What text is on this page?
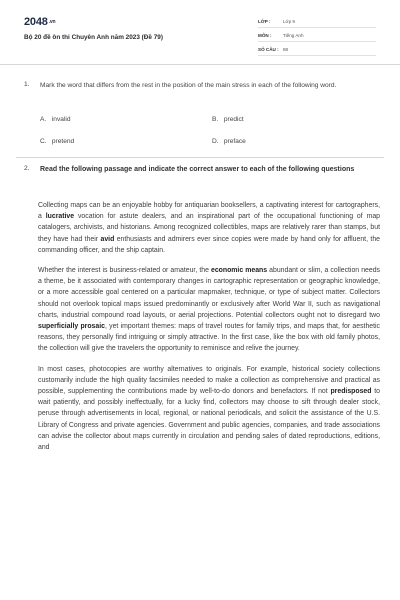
2048.vn
Bộ 20 đề ôn thi Chuyên Anh năm 2023 (Đề 79)
LỚP :	Lớp 9
MÔN :	Tiếng Anh
SỐ CÂU : 88
1. Mark the word that differs from the rest in the position of the main stress in each of the following word.
A. invalid	B. predict
C. pretend	D. preface
2. Read the following passage and indicate the correct answer to each of the following questions

Collecting maps can be an enjoyable hobby for antiquarian booksellers, a captivating interest for cartographers, a lucrative vocation for astute dealers, and an inspirational part of the occupational functioning of map catalogers, archivists, and historians. Among recognized collectibles, maps are relatively rarer than stamps, but they have had their avid enthusiasts and admirers ever since copies were made by hand only for affluent, the commanding officer, and the ship captain.

Whether the interest is business-related or amateur, the economic means abundant or slim, a collection needs a theme, be it associated with contemporary changes in cartographic representation or geographic knowledge, or a more accessible goal centered on a particular mapmaker, technique, or type of subject matter. Collectors should not overlook topical maps issued predominantly or exclusively after World War II, such as navigational charts, industrial compound road layouts, or aerial projections. Potential collectors ought not to disregard two superficially prosaic, yet important themes: maps of travel routes for family trips, and maps that, for aesthetic reasons, they personally find intriguing or simply attractive. In the first case, like the box with old family photos, the collection will give the travelers the opportunity to reminisce and relive the journey.

In most cases, photocopies are worthy alternatives to originals. For example, historical society collections customarily include the high quality facsimiles needed to make a collection as comprehensive and practical as possible, supplementing the contributions made by well-to-do donors and benefactors. If not predisposed to wait patiently, and possibly ineffectually, for a lucky find, collectors may choose to sift through dealer stock, peruse through advertisements in local, regional, or national periodicals, and solicit the assistance of the U.S. Library of Congress and private agencies. Government and public agencies, companies, and trade associations can advise the collector about maps currently in circulation and pending sales of dated reproductions, editions, and
